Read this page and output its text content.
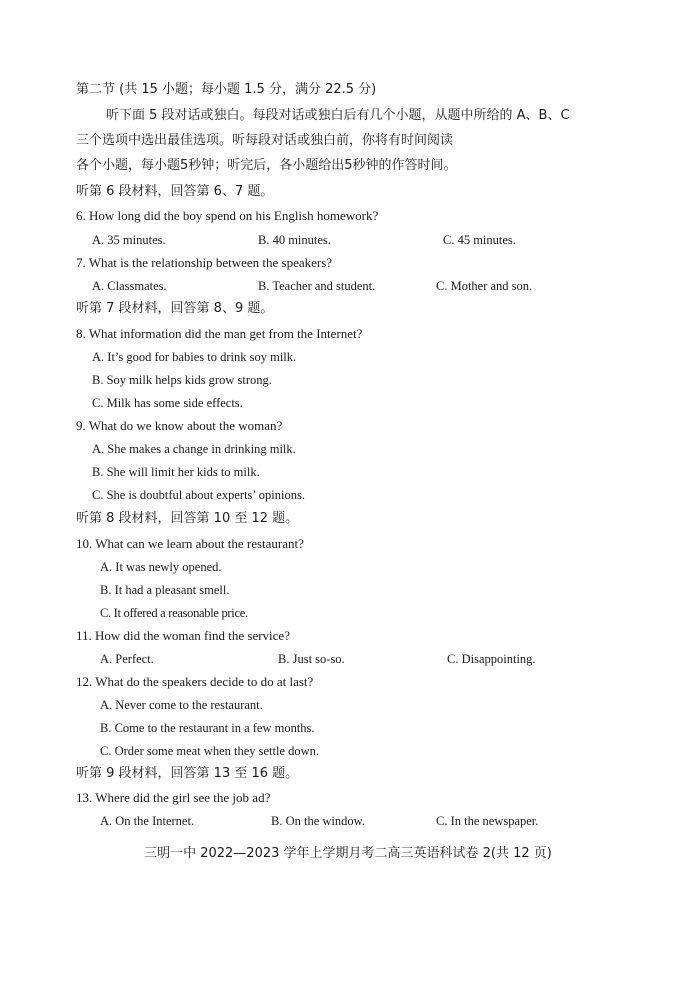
第二节 (共 15 小题；每小题 1.5 分，满分 22.5 分)
听下面 5 段对话或独白。每段对话或独白后有几个小题，从题中所给的 A、B、C
三个选项中选出最佳选项。听每段对话或独白前，你将有时间阅读
各个小题，每小题5秒钟；听完后，各小题给出5秒钟的作答时间。
听第 6 段材料，回答第 6、7 题。
6. How long did the boy spend on his English homework?
A. 35 minutes.	B. 40 minutes.	C. 45 minutes.
7. What is the relationship between the speakers?
A. Classmates.	B. Teacher and student.	C. Mother and son.
听第 7 段材料，回答第 8、9 题。
8. What information did the man get from the Internet?
A. It’s good for babies to drink soy milk.
B. Soy milk helps kids grow strong.
C. Milk has some side effects.
9. What do we know about the woman?
A. She makes a change in drinking milk.
B. She will limit her kids to milk.
C. She is doubtful about experts’ opinions.
听第 8 段材料，回答第 10 至 12 题。
10. What can we learn about the restaurant?
A. It was newly opened.
B. It had a pleasant smell.
C. It offered a reasonable price.
11. How did the woman find the service?
A. Perfect.	B. Just so-so.	C. Disappointing.
12. What do the speakers decide to do at last?
A. Never come to the restaurant.
B. Come to the restaurant in a few months.
C. Order some meat when they settle down.
听第 9 段材料，回答第 13 至 16 题。
13. Where did the girl see the job ad?
A. On the Internet.	B. On the window.	C. In the newspaper.
三明一中 2022—2023 学年上学期月考二高三英语科试卷 2(共 12 页)
